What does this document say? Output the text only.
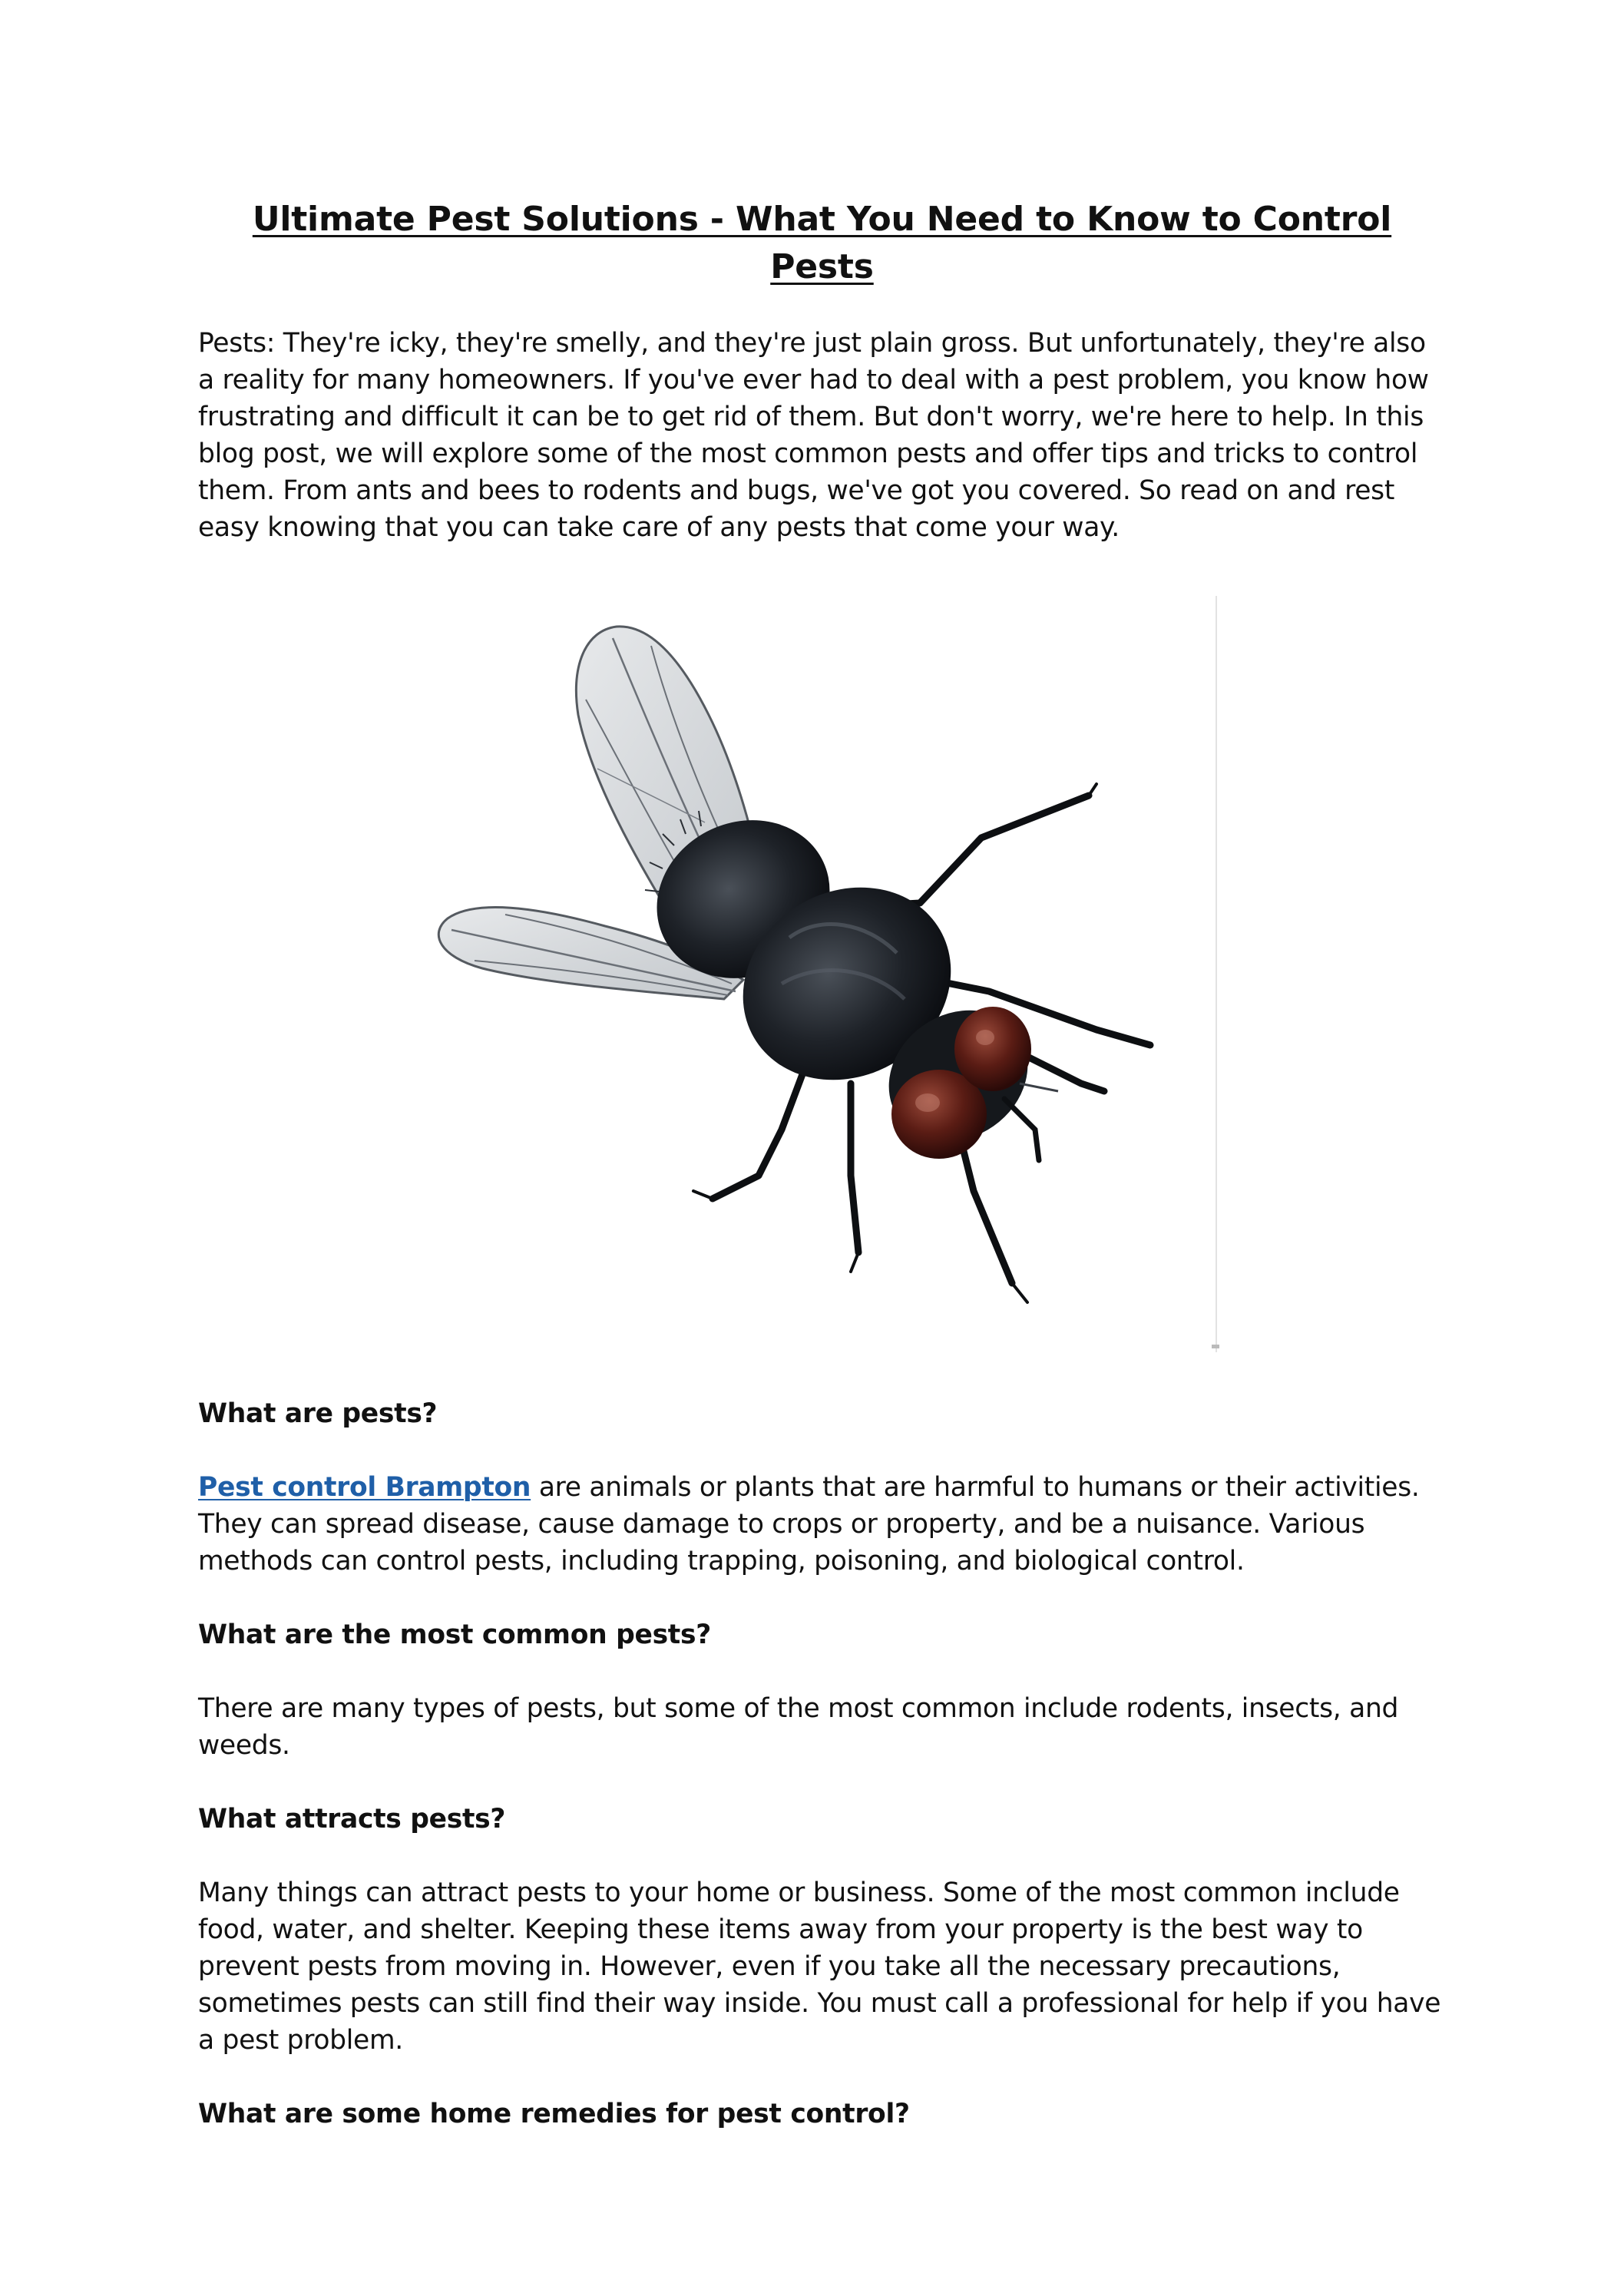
Ultimate Pest Solutions - What You Need to Know to Control Pests

Pests: They're icky, they're smelly, and they're just plain gross. But unfortunately, they're also a reality for many homeowners. If you've ever had to deal with a pest problem, you know how frustrating and difficult it can be to get rid of them. But don't worry, we're here to help. In this blog post, we will explore some of the most common pests and offer tips and tricks to control them. From ants and bees to rodents and bugs, we've got you covered. So read on and rest easy knowing that you can take care of any pests that come your way.

What are pests?

Pest control Brampton are animals or plants that are harmful to humans or their activities. They can spread disease, cause damage to crops or property, and be a nuisance. Various methods can control pests, including trapping, poisoning, and biological control.

What are the most common pests?

There are many types of pests, but some of the most common include rodents, insects, and weeds.

What attracts pests?

Many things can attract pests to your home or business. Some of the most common include food, water, and shelter. Keeping these items away from your property is the best way to prevent pests from moving in. However, even if you take all the necessary precautions, sometimes pests can still find their way inside. You must call a professional for help if you have a pest problem.

What are some home remedies for pest control?
